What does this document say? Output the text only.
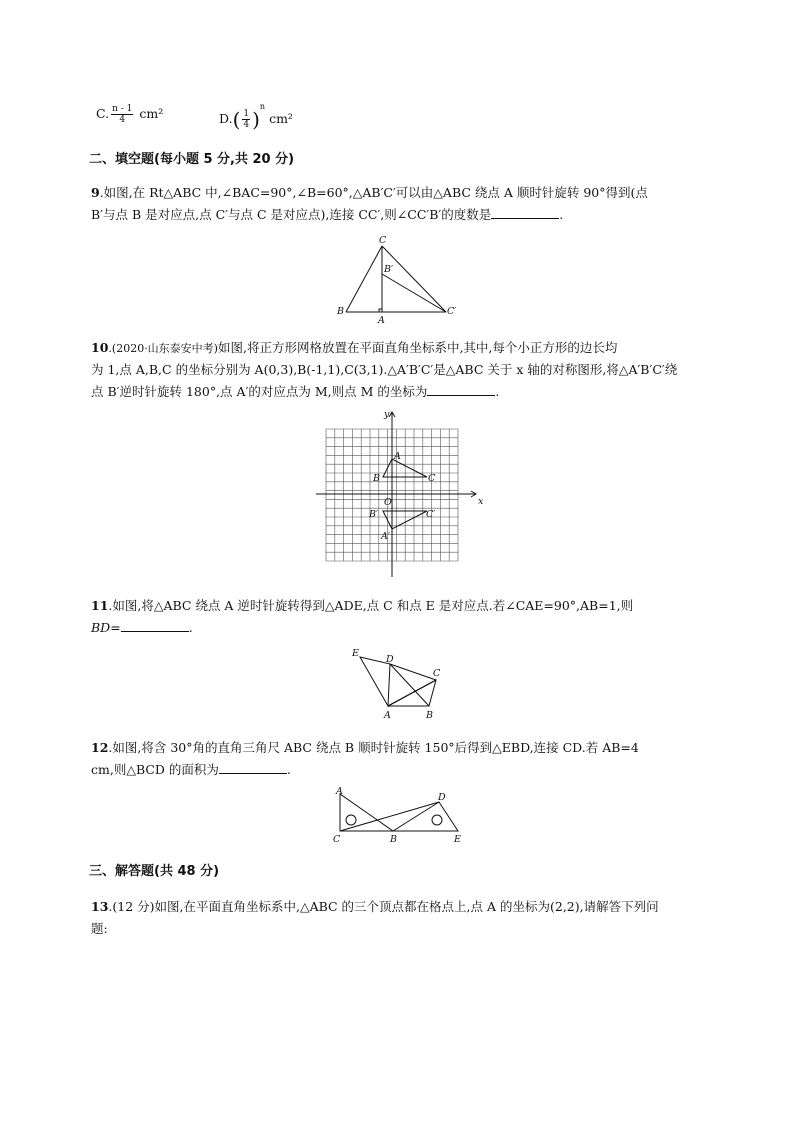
C. $\frac{n - 1}{4} cm^2$	$D.( \frac{1}{4} )^n$ cm²
二、填空题(每小题 5 分,共 20 分)
9.如图,在 Rt△ABC 中,∠BAC=90°,∠B=60°,△AB′C′可以由△ABC 绕点 A 顺时针旋转 90°得到(点
B′与点 B 是对应点,点 C′与点 C 是对应点),连接 CC′,则∠CC′B′的度数是	.
C
B′
B
A
C′
10.(2020·山东泰安中考)如图,将正方形网格放置在平面直角坐标系中,其中,每个小正方形的边长均
为 1,点 A,B,C 的坐标分别为 A(0,3),B(-1,1),C(3,1).△A′B′C′是△ABC 关于 x 轴的对称图形,将△A′B′C′绕
点 B′逆时针旋转 180°,点 A′的对应点为 M,则点 M 的坐标为	.
y
x
O
A
B	C
A′
B′	C′
11.如图,将△ABC 绕点 A 逆时针旋转得到△ADE,点 C 和点 E 是对应点.若∠CAE=90°,AB=1,则
BD=	.
E
D
C
A	B
12.如图,将含 30°角的直角三角尺 ABC 绕点 B 顺时针旋转 150°后得到△EBD,连接 CD.若 AB=4
cm,则△BCD 的面积为	.
A
D
C	B	E
三、解答题(共 48 分)
13.(12 分)如图,在平面直角坐标系中,△ABC 的三个顶点都在格点上,点 A 的坐标为(2,2),请解答下列问
题:
